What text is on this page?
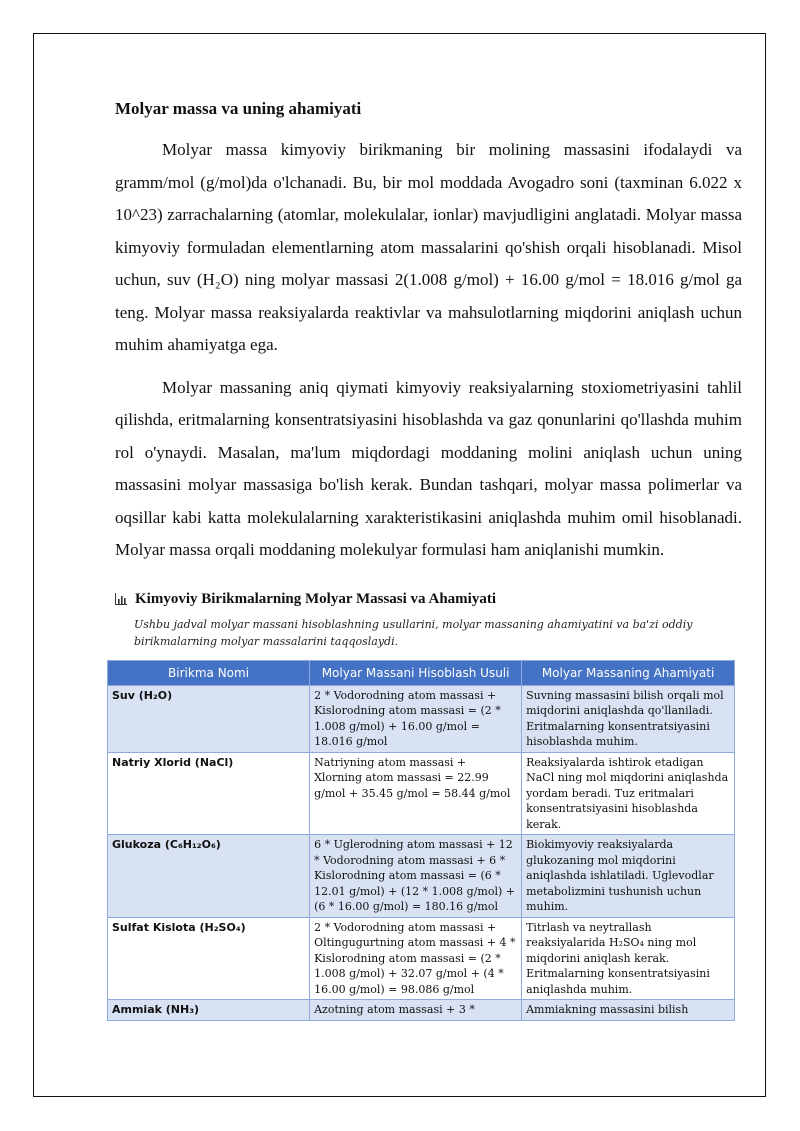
Molyar massa va uning ahamiyati

Molyar massa kimyoviy birikmaning bir molining massasini ifodalaydi va gramm/mol (g/mol)da o'lchanadi. Bu, bir mol moddada Avogadro soni (taxminan 6.022 x 10^23) zarrachalarning (atomlar, molekulalar, ionlar) mavjudligini anglatadi. Molyar massa kimyoviy formuladan elementlarning atom massalarini qo'shish orqali hisoblanadi. Misol uchun, suv (H₂O) ning molyar massasi 2(1.008 g/mol) + 16.00 g/mol = 18.016 g/mol ga teng. Molyar massa reaksiyalarda reaktivlar va mahsulotlarning miqdorini aniqlash uchun muhim ahamiyatga ega.

Molyar massaning aniq qiymati kimyoviy reaksiyalarning stoxiometriyasini tahlil qilishda, eritmalarning konsentratsiyasini hisoblashda va gaz qonunlarini qo'llashda muhim rol o'ynaydi. Masalan, ma'lum miqdordagi moddaning molini aniqlash uchun uning massasini molyar massasiga bo'lish kerak. Bundan tashqari, molyar massa polimerlar va oqsillar kabi katta molekulalarning xarakteristikasini aniqlashda muhim omil hisoblanadi. Molyar massa orqali moddaning molekulyar formulasi ham aniqlanishi mumkin.

Kimyoviy Birikmalarning Molyar Massasi va Ahamiyati
Ushbu jadval molyar massani hisoblashning usullarini, molyar massaning ahamiyatini va ba'zi oddiy birikmalarning molyar massalarini taqqoslaydi.
Birikma Nomi	Molyar Massani Hisoblash Usuli	Molyar Massaning Ahamiyati
Suv (H₂O)	2 * Vodorodning atom massasi + Kislorodning atom massasi = (2 * 1.008 g/mol) + 16.00 g/mol = 18.016 g/mol	Suvning massasini bilish orqali mol miqdorini aniqlashda qo'llaniladi. Eritmalarning konsentratsiyasini hisoblashda muhim.
Natriy Xlorid (NaCl)	Natriyning atom massasi + Xlorning atom massasi = 22.99 g/mol + 35.45 g/mol = 58.44 g/mol	Reaksiyalarda ishtirok etadigan NaCl ning mol miqdorini aniqlashda yordam beradi. Tuz eritmalari konsentratsiyasini hisoblashda kerak.
Glukoza (C₆H₁₂O₆)	6 * Uglerodning atom massasi + 12 * Vodorodning atom massasi + 6 * Kislorodning atom massasi = (6 * 12.01 g/mol) + (12 * 1.008 g/mol) + (6 * 16.00 g/mol) = 180.16 g/mol	Biokimyoviy reaksiyalarda glukozaning mol miqdorini aniqlashda ishlatiladi. Uglevodlar metabolizmini tushunish uchun muhim.
Sulfat Kislota (H₂SO₄)	2 * Vodorodning atom massasi + Oltingugurtning atom massasi + 4 * Kislorodning atom massasi = (2 * 1.008 g/mol) + 32.07 g/mol + (4 * 16.00 g/mol) = 98.086 g/mol	Titrlash va neytrallash reaksiyalarida H₂SO₄ ning mol miqdorini aniqlash kerak. Eritmalarning konsentratsiyasini aniqlashda muhim.
Ammiak (NH₃)	Azotning atom massasi + 3 *	Ammiakning massasini bilish
